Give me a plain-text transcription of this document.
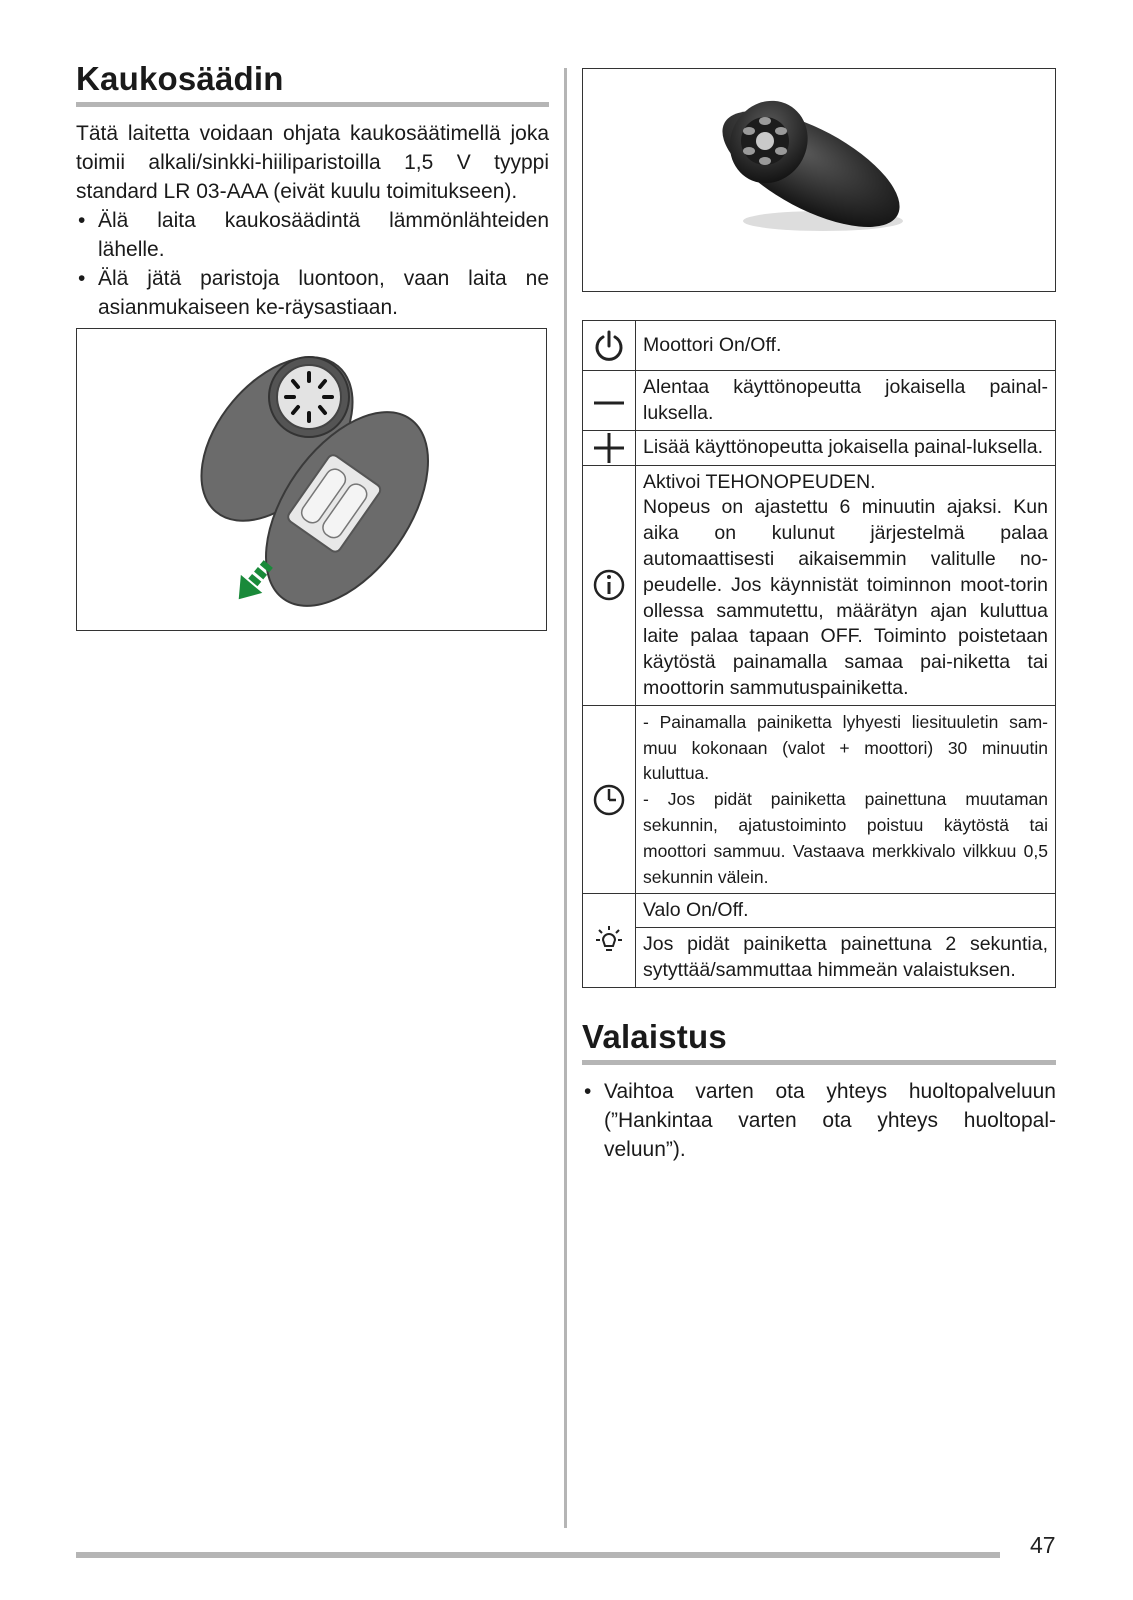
Kaukosäädin

Tätä laitetta voidaan ohjata kaukosäätimellä joka toimii alkali/sinkki-hiiliparistoilla 1,5 V tyyppi standard LR 03-AAA (eivät kuulu toimitukseen).

• Älä laita kaukosäädintä lämmönlähteiden lähelle.
• Älä jätä paristoja luontoon, vaan laita ne asianmukaiseen ke-räysastiaan.
	Moottori On/Off.

	Alentaa käyttönopeutta jokaisella painal-luksella.

	Lisää käyttönopeutta jokaisella painal-luksella.

Aktivoi TEHONOPEUDEN.
Nopeus on ajastettu 6 minuutin ajaksi. Kun aika on kulunut järjestelmä palaa automaattisesti aikaisemmin valitulle no-peudelle. Jos käynnistät toiminnon moot-torin ollessa sammutettu, määrätyn ajan kuluttua laite palaa tapaan OFF. Toiminto poistetaan käytöstä painamalla samaa pai-niketta tai moottorin sammutuspainiketta.

- Painamalla painiketta lyhyesti liesituuletin sam-muu kokonaan (valot + moottori) 30 minuutin kuluttua.
- Jos pidät painiketta painettuna muutaman sekunnin, ajatustoiminto poistuu käytöstä tai moottori sammuu. Vastaava merkkivalo vilkkuu 0,5 sekunnin välein.

	Valo On/Off.
	Jos pidät painiketta painettuna 2 sekuntia, sytyttää/sammuttaa himmeän valaistuksen.
Valaistus
• Vaihtoa varten ota yhteys huoltopalveluun (”Hankintaa varten ota yhteys huoltopal-veluun”).
47
